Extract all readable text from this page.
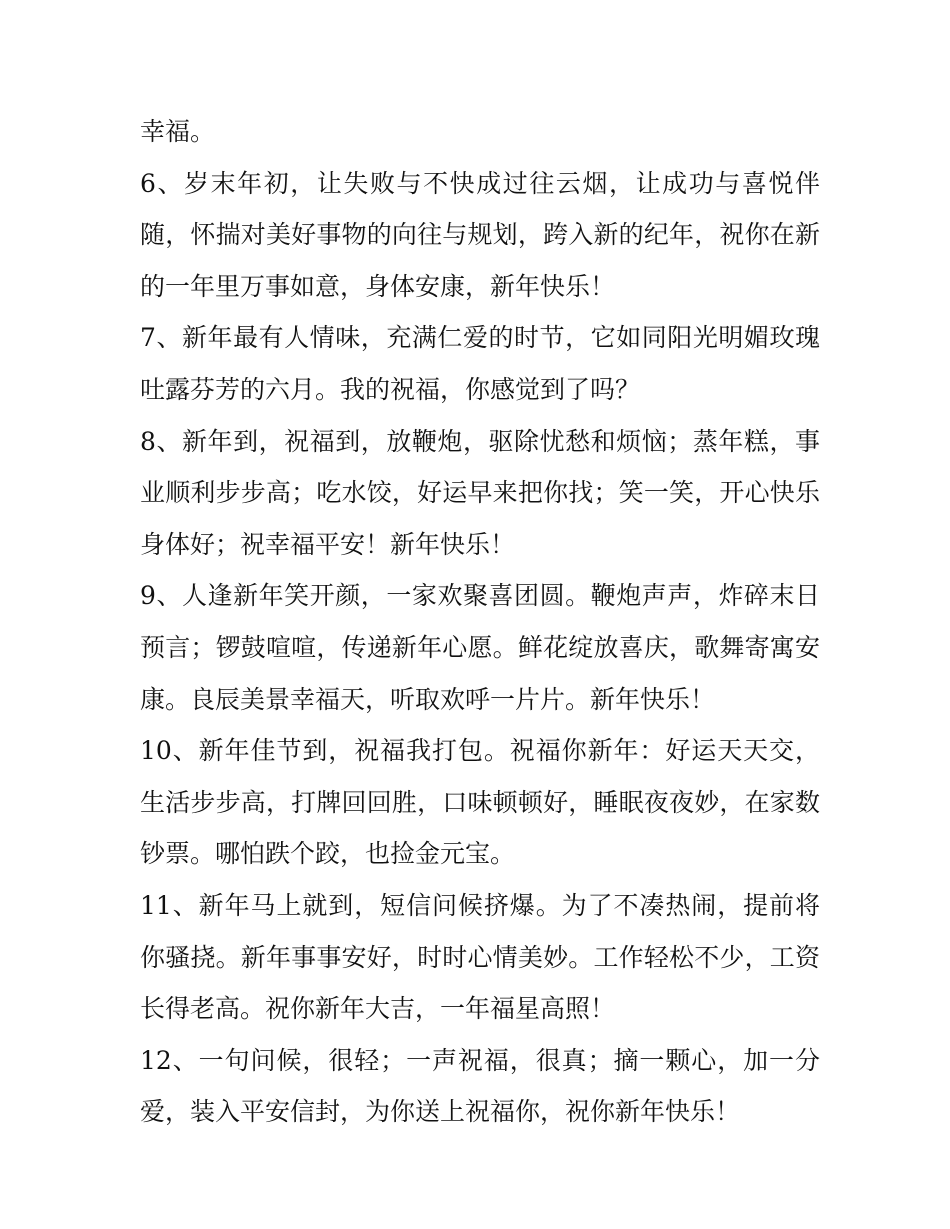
幸福。

6、岁末年初，让失败与不快成过往云烟，让成功与喜悦伴随，怀揣对美好事物的向往与规划，跨入新的纪年，祝你在新的一年里万事如意，身体安康，新年快乐！

7、新年最有人情味，充满仁爱的时节，它如同阳光明媚玫瑰吐露芬芳的六月。我的祝福，你感觉到了吗？

8、新年到，祝福到，放鞭炮，驱除忧愁和烦恼；蒸年糕，事业顺利步步高；吃水饺，好运早来把你找；笑一笑，开心快乐身体好；祝幸福平安！新年快乐！

9、人逢新年笑开颜，一家欢聚喜团圆。鞭炮声声，炸碎末日预言；锣鼓喧喧，传递新年心愿。鲜花绽放喜庆，歌舞寄寓安康。良辰美景幸福天，听取欢呼一片片。新年快乐！

10、新年佳节到，祝福我打包。祝福你新年：好运天天交，生活步步高，打牌回回胜，口味顿顿好，睡眠夜夜妙，在家数钞票。哪怕跌个跤，也捡金元宝。

11、新年马上就到，短信问候挤爆。为了不凑热闹，提前将你骚挠。新年事事安好，时时心情美妙。工作轻松不少，工资长得老高。祝你新年大吉，一年福星高照！

12、一句问候，很轻；一声祝福，很真；摘一颗心，加一分爱，装入平安信封，为你送上祝福你，祝你新年快乐！
